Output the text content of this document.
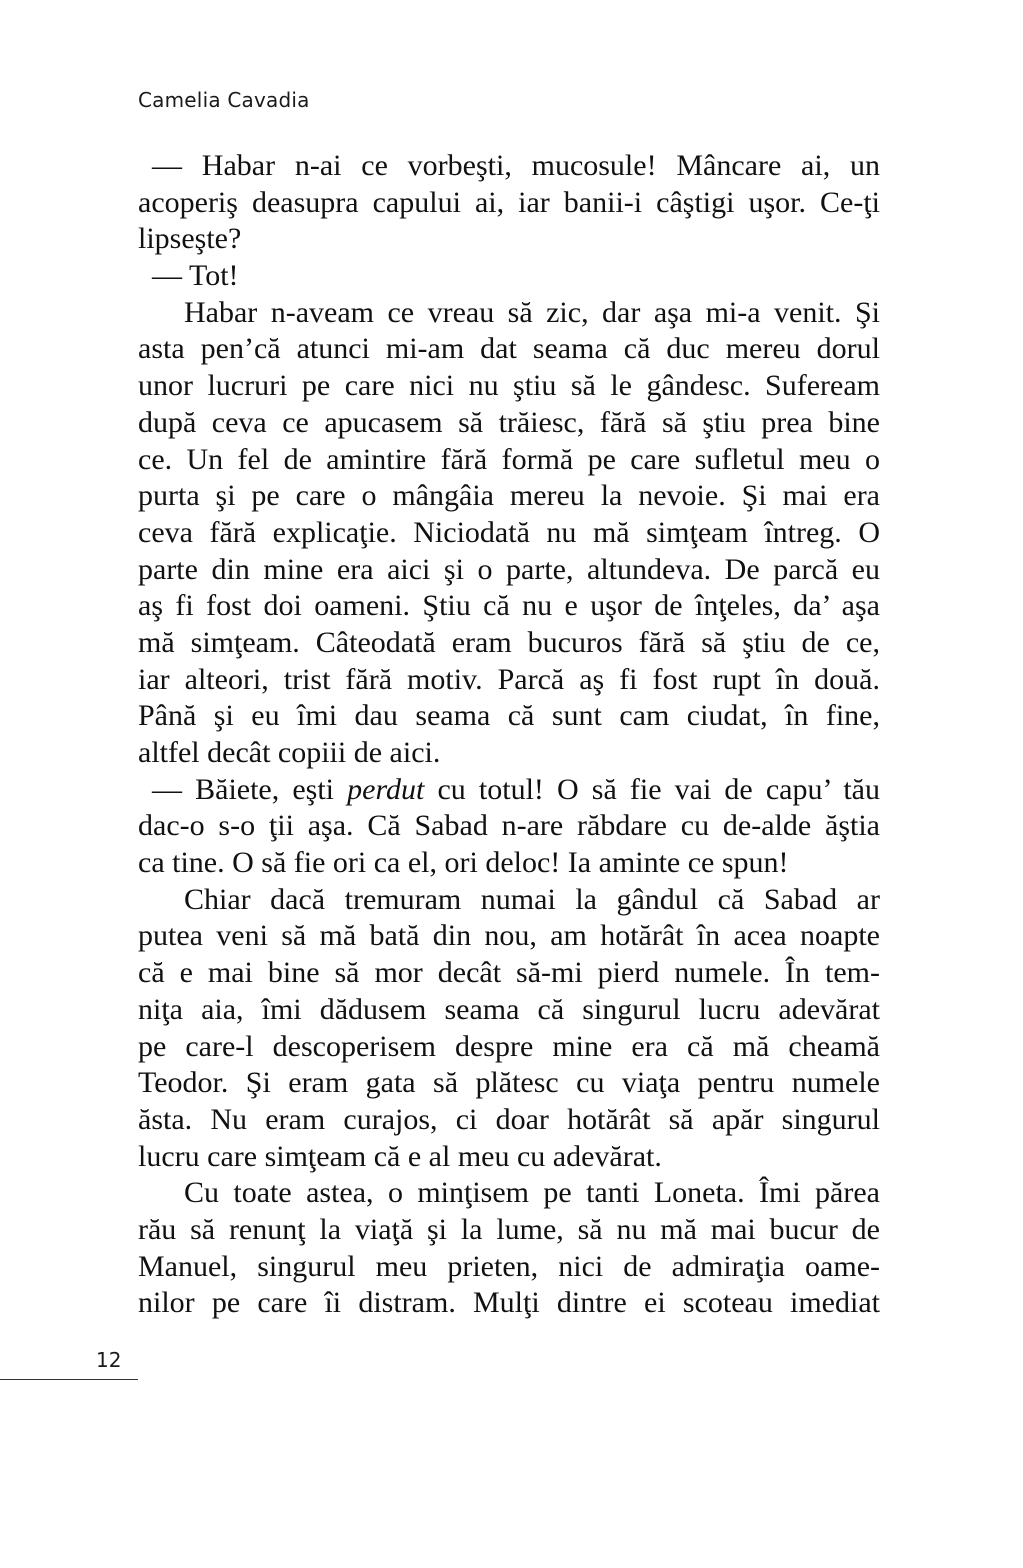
Camelia Cavadia
— Habar n-ai ce vorbeşti, mucosule! Mâncare ai, un
acoperiş deasupra capului ai, iar banii-i câştigi uşor. Ce-ţi
lipseşte?
— Tot!
Habar n-aveam ce vreau să zic, dar aşa mi-a venit. Şi
asta pen’că atunci mi-am dat seama că duc mereu dorul
unor lucruri pe care nici nu ştiu să le gândesc. Sufeream
după ceva ce apucasem să trăiesc, fără să ştiu prea bine
ce. Un fel de amintire fără formă pe care sufletul meu o
purta şi pe care o mângâia mereu la nevoie. Şi mai era
ceva fără explicaţie. Niciodată nu mă simţeam întreg. O
parte din mine era aici şi o parte, altundeva. De parcă eu
aş fi fost doi oameni. Ştiu că nu e uşor de înţeles, da’ aşa
mă simţeam. Câteodată eram bucuros fără să ştiu de ce,
iar alteori, trist fără motiv. Parcă aş fi fost rupt în două.
Până şi eu îmi dau seama că sunt cam ciudat, în fine,
altfel decât copiii de aici.
— Băiete, eşti perdut cu totul! O să fie vai de capu’ tău
dac-o s-o ţii aşa. Că Sabad n-are răbdare cu de-alde ăştia
ca tine. O să fie ori ca el, ori deloc! Ia aminte ce spun!
Chiar dacă tremuram numai la gândul că Sabad ar
putea veni să mă bată din nou, am hotărât în acea noapte
că e mai bine să mor decât să-mi pierd numele. În tem-
niţa aia, îmi dădusem seama că singurul lucru adevărat
pe care-l descoperisem despre mine era că mă cheamă
Teodor. Şi eram gata să plătesc cu viaţa pentru numele
ăsta. Nu eram curajos, ci doar hotărât să apăr singurul
lucru care simţeam că e al meu cu adevărat.
Cu toate astea, o minţisem pe tanti Loneta. Îmi părea
rău să renunţ la viaţă şi la lume, să nu mă mai bucur de
Manuel, singurul meu prieten, nici de admiraţia oame-
nilor pe care îi distram. Mulţi dintre ei scoteau imediat
12
